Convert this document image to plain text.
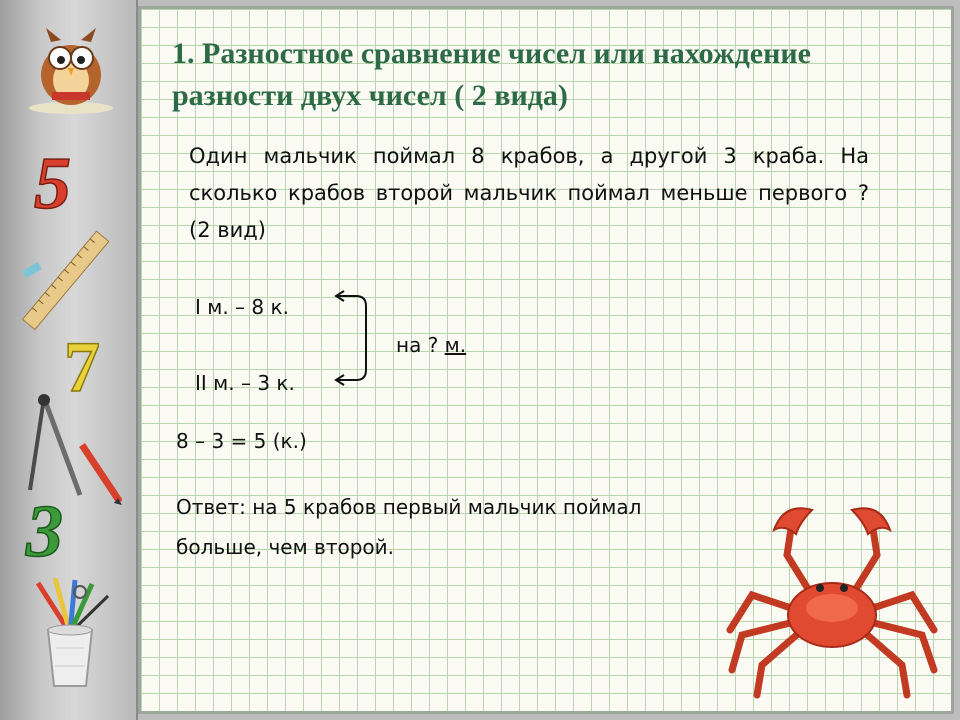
5
7
3
1. Разностное сравнение чисел или нахождение разности двух чисел ( 2 вида)
Один мальчик поймал 8 крабов, а другой 3 краба. На сколько крабов второй мальчик поймал меньше первого ? (2 вид)
I м. – 8 к.
II м. – 3 к.
на ? м.
8 – 3 = 5 (к.)
Ответ: на 5 крабов первый мальчик поймал
больше, чем второй.
